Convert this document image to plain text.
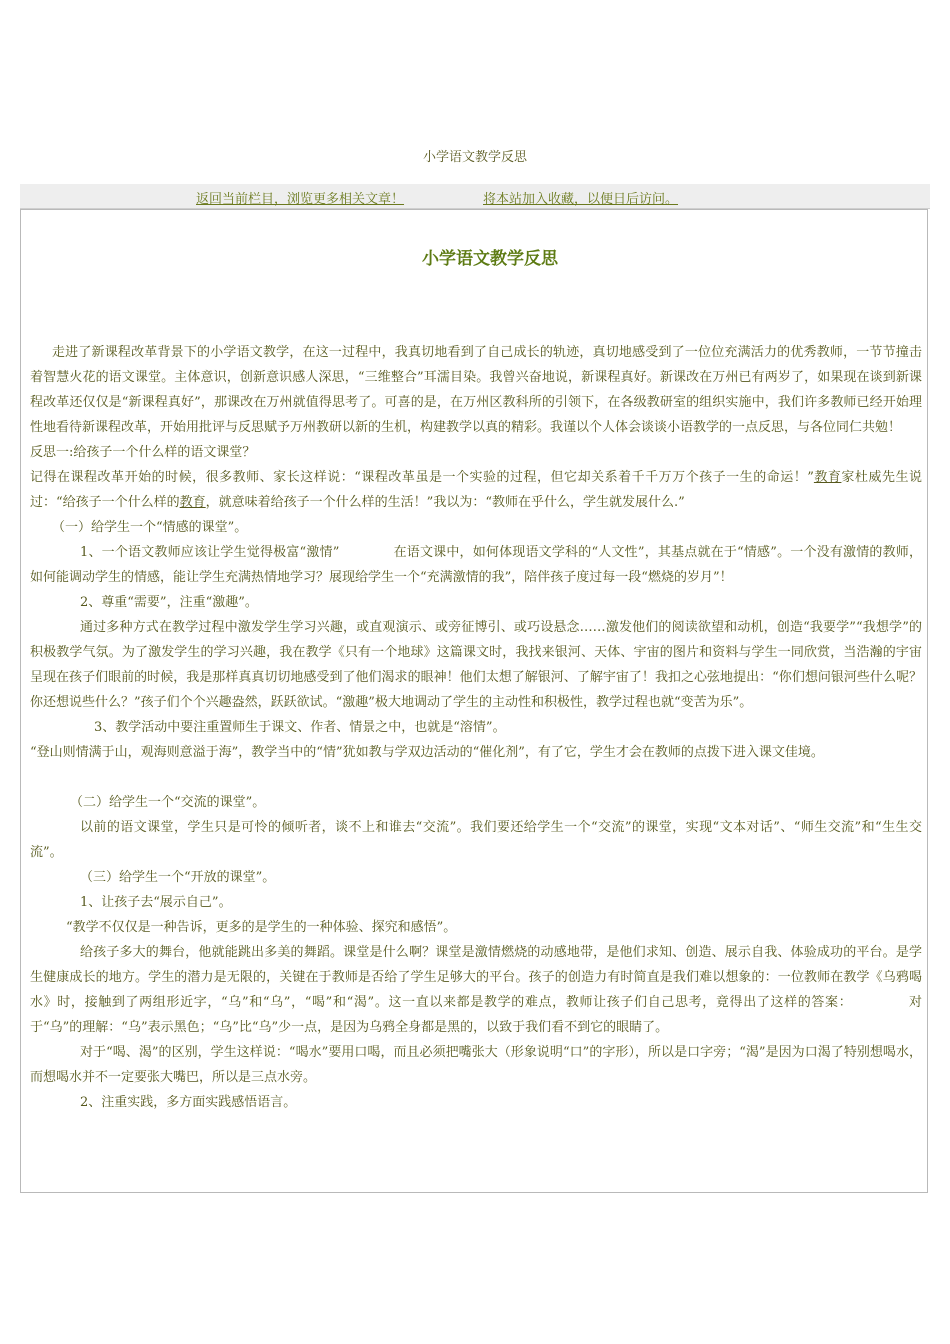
小学语文教学反思
返回当前栏目，浏览更多相关文章！	将本站加入收藏，以便日后访问。
小学语文教学反思

走进了新课程改革背景下的小学语文教学，在这一过程中，我真切地看到了自己成长的轨迹，真切地感受到了一位位充满活力的优秀教师，一节节撞击着智慧火花的语文课堂。主体意识，创新意识感人深思，“三维整合”耳濡目染。我曾兴奋地说，新课程真好。新课改在万州已有两岁了，如果现在谈到新课程改革还仅仅是“新课程真好”，那课改在万州就值得思考了。可喜的是，在万州区教科所的引领下，在各级教研室的组织实施中，我们许多教师已经开始理性地看待新课程改革，开始用批评与反思赋予万州教研以新的生机，构建教学以真的精彩。我谨以个人体会谈谈小语教学的一点反思，与各位同仁共勉！

反思一:给孩子一个什么样的语文课堂？

记得在课程改革开始的时候，很多教师、家长这样说：“课程改革虽是一个实验的过程，但它却关系着千千万万个孩子一生的命运！”教育家杜威先生说过：“给孩子一个什么样的教育，就意味着给孩子一个什么样的生活！”我以为：“教师在乎什么，学生就发展什么.”

（一）给学生一个“情感的课堂”。

1、一个语文教师应该让学生觉得极富“激情”	在语文课中，如何体现语文学科的“人文性”，其基点就在于“情感”。一个没有激情的教师，如何能调动学生的情感，能让学生充满热情地学习？展现给学生一个“充满激情的我”，陪伴孩子度过每一段“燃烧的岁月”！

2、尊重“需要”，注重“激趣”。

通过多种方式在教学过程中激发学生学习兴趣，或直观演示、或旁征博引、或巧设悬念……激发他们的阅读欲望和动机，创造“我要学”“我想学”的积极教学气氛。为了激发学生的学习兴趣，我在教学《只有一个地球》这篇课文时，我找来银河、天体、宇宙的图片和资料与学生一同欣赏，当浩瀚的宇宙呈现在孩子们眼前的时候，我是那样真真切切地感受到了他们渴求的眼神！他们太想了解银河、了解宇宙了！我扣之心弦地提出：“你们想问银河些什么呢？你还想说些什么？”孩子们个个兴趣盎然，跃跃欲试。“激趣”极大地调动了学生的主动性和积极性，教学过程也就“变苦为乐”。

3、教学活动中要注重置师生于课文、作者、情景之中，也就是“溶情”。

“登山则情满于山，观海则意溢于海”，教学当中的“情”犹如教与学双边活动的“催化剂”，有了它，学生才会在教师的点拨下进入课文佳境。

（二）给学生一个“交流的课堂”。

以前的语文课堂，学生只是可怜的倾听者，谈不上和谁去“交流”。我们要还给学生一个“交流”的课堂，实现“文本对话”、“师生交流”和“生生交流”。

（三）给学生一个“开放的课堂”。

1、让孩子去“展示自己”。

“教学不仅仅是一种告诉，更多的是学生的一种体验、探究和感悟”。

给孩子多大的舞台，他就能跳出多美的舞蹈。课堂是什么啊？课堂是激情燃烧的动感地带，是他们求知、创造、展示自我、体验成功的平台。是学生健康成长的地方。学生的潜力是无限的，关键在于教师是否给了学生足够大的平台。孩子的创造力有时简直是我们难以想象的：一位教师在教学《乌鸦喝水》时，接触到了两组形近字，“乌”和“乌”，“喝”和“渴”。这一直以来都是教学的难点，教师让孩子们自己思考，竟得出了这样的答案：	对于“乌”的理解：“乌”表示黑色；“乌”比“乌”少一点，是因为乌鸦全身都是黑的，以致于我们看不到它的眼睛了。

对于“喝、渴”的区别，学生这样说：“喝水”要用口喝，而且必须把嘴张大（形象说明“口”的字形），所以是口字旁；“渴”是因为口渴了特别想喝水，而想喝水并不一定要张大嘴巴，所以是三点水旁。

2、注重实践，多方面实践感悟语言。
